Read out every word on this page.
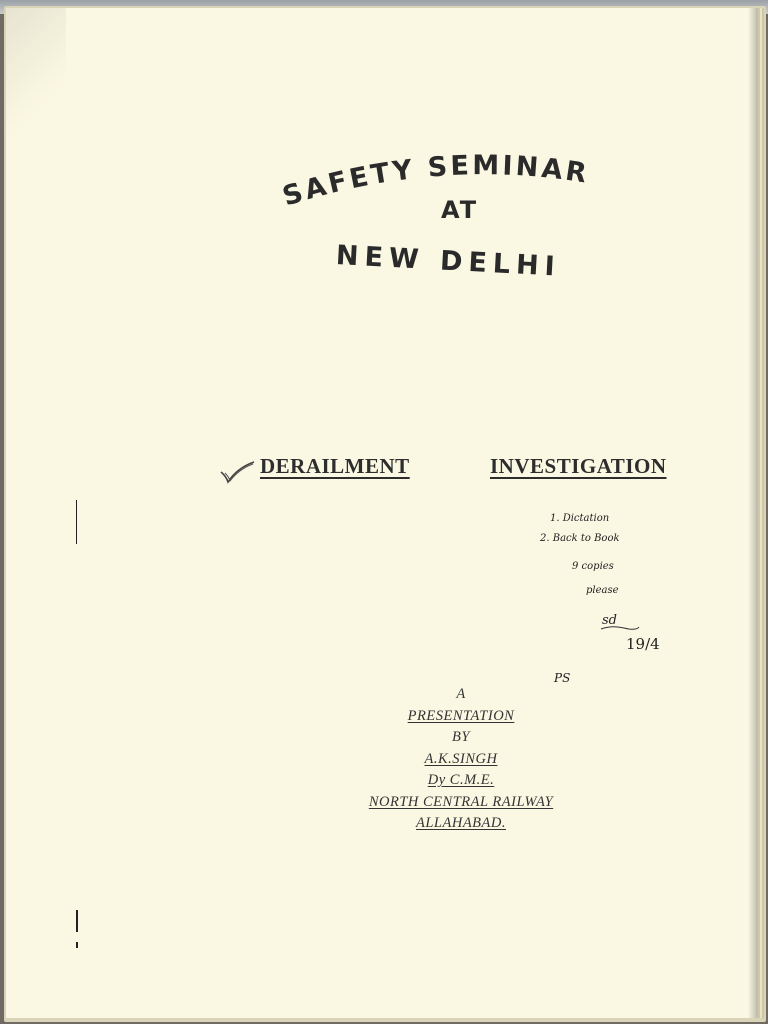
SAFETY SEMINAR
AT
NEW DELHI
DERAILMENT	INVESTIGATION
1. Dictation
2. Back to Book
9 copies
please
sd
19/4
PS
A
PRESENTATION
BY
A.K.SINGH
Dy C.M.E.
NORTH CENTRAL RAILWAY
ALLAHABAD.
